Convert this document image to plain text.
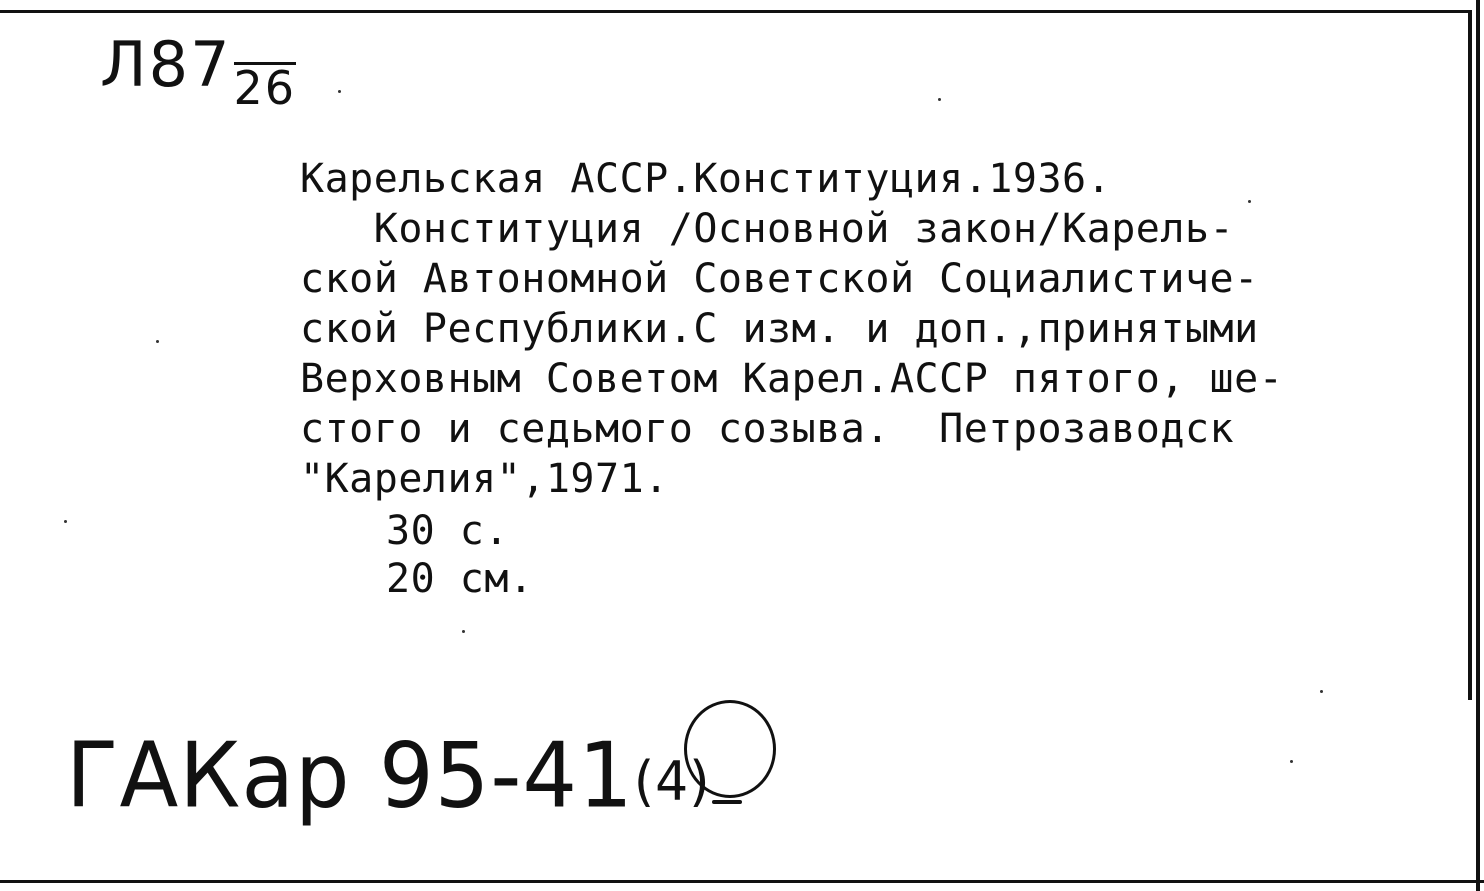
Л8726
Карельская АССР.Конституция.1936.
Конституция /Основной закон/Карель-
ской Автономной Советской Социалистиче-
ской Республики.С изм. и доп.,принятыми
Верховным Советом Карел.АССР пятого, ше-
стого и седьмого созыва.  Петрозаводск
"Карелия",1971.
30 с.
20 см.
ГАКар 95-41(4)
